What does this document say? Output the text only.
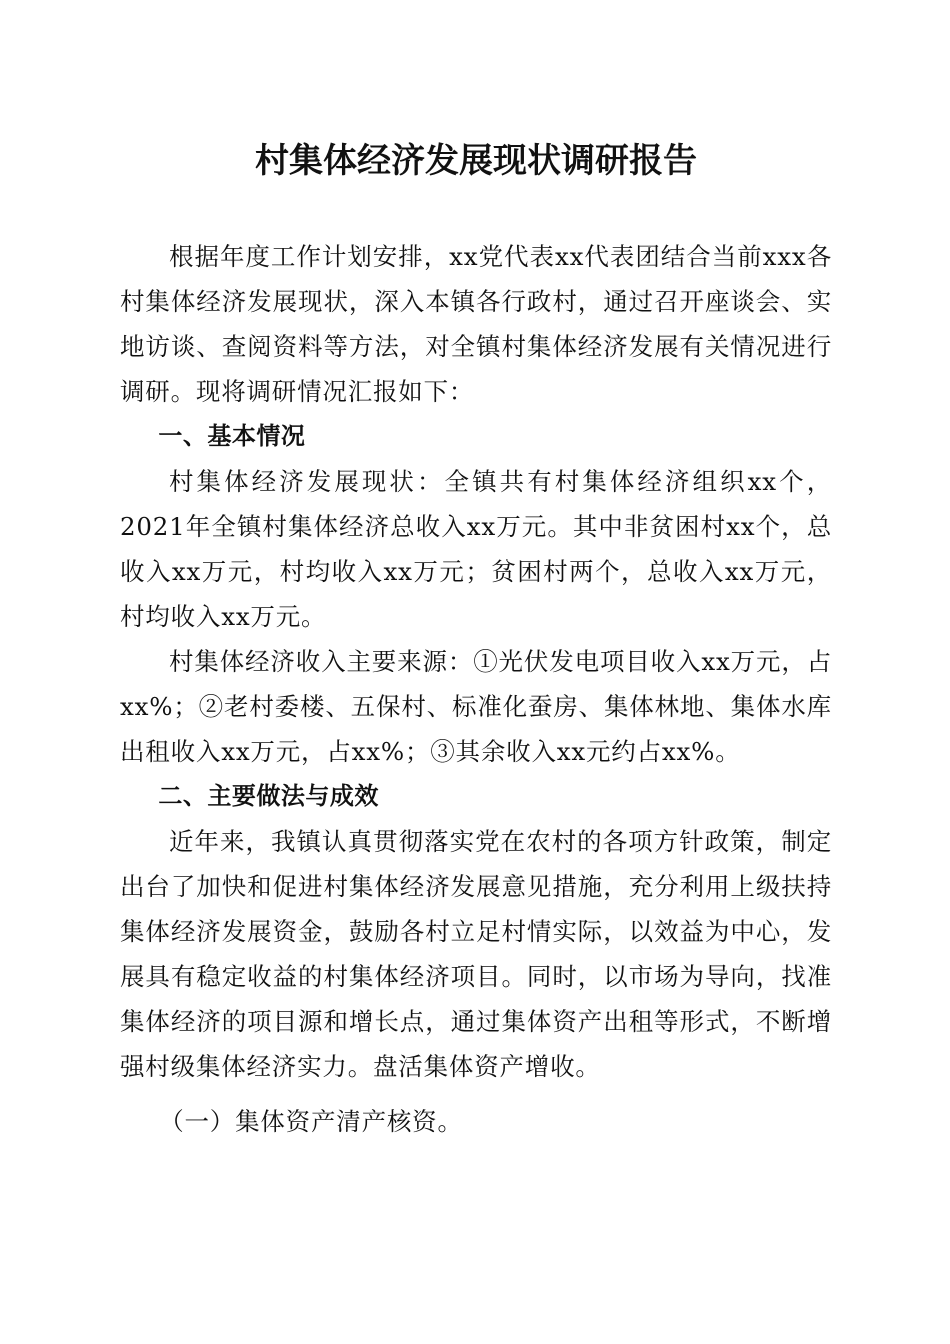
村集体经济发展现状调研报告

根据年度工作计划安排，xx党代表xx代表团结合当前xxx各村集体经济发展现状，深入本镇各行政村，通过召开座谈会、实地访谈、查阅资料等方法，对全镇村集体经济发展有关情况进行调研。现将调研情况汇报如下：

一、基本情况

村集体经济发展现状：全镇共有村集体经济组织xx个，2021年全镇村集体经济总收入xx万元。其中非贫困村xx个，总收入xx万元，村均收入xx万元；贫困村两个，总收入xx万元，村均收入xx万元。

村集体经济收入主要来源：①光伏发电项目收入xx万元，占xx%；②老村委楼、五保村、标准化蚕房、集体林地、集体水库出租收入xx万元，占xx%；③其余收入xx元约占xx%。

二、主要做法与成效

近年来，我镇认真贯彻落实党在农村的各项方针政策，制定出台了加快和促进村集体经济发展意见措施，充分利用上级扶持集体经济发展资金，鼓励各村立足村情实际，以效益为中心，发展具有稳定收益的村集体经济项目。同时，以市场为导向，找准集体经济的项目源和增长点，通过集体资产出租等形式，不断增强村级集体经济实力。盘活集体资产增收。

（一）集体资产清产核资。
